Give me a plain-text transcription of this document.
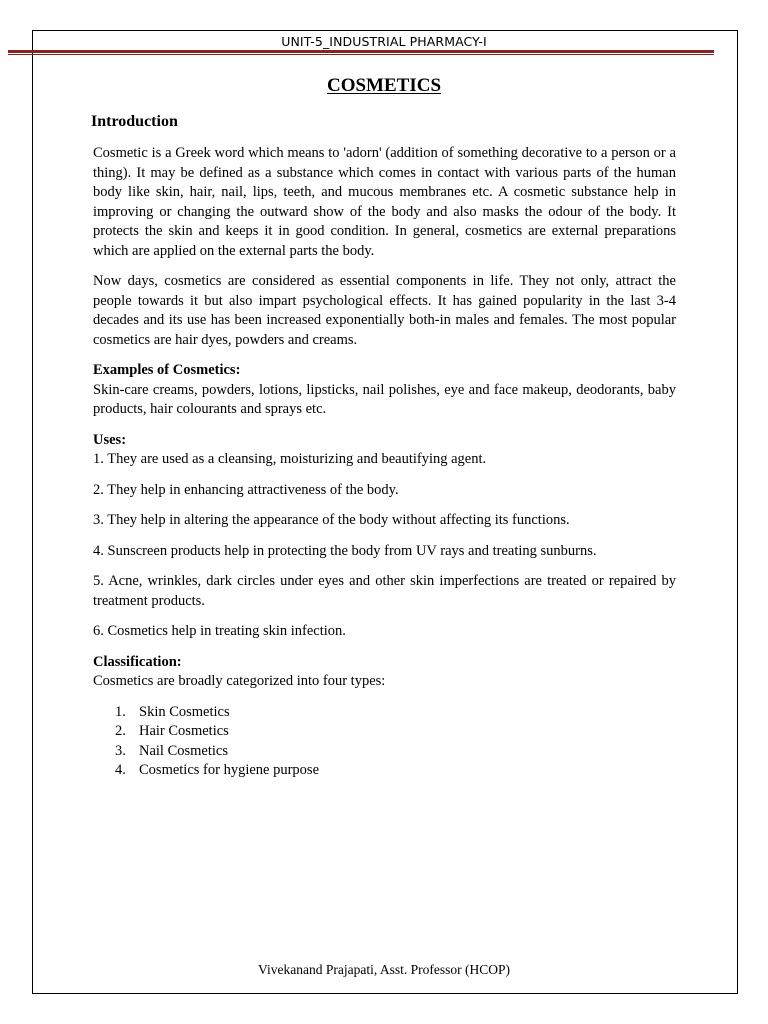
UNIT-5_INDUSTRIAL PHARMACY-I
COSMETICS
Introduction

Cosmetic is a Greek word which means to 'adorn' (addition of something decorative to a person or a thing). It may be defined as a substance which comes in contact with various parts of the human body like skin, hair, nail, lips, teeth, and mucous membranes etc. A cosmetic substance help in improving or changing the outward show of the body and also masks the odour of the body. It protects the skin and keeps it in good condition. In general, cosmetics are external preparations which are applied on the external parts the body.

Now days, cosmetics are considered as essential components in life. They not only, attract the people towards it but also impart psychological effects. It has gained popularity in the last 3-4 decades and its use has been increased exponentially both-in males and females. The most popular cosmetics are hair dyes, powders and creams.

Examples of Cosmetics:

Skin-care creams, powders, lotions, lipsticks, nail polishes, eye and face makeup, deodorants, baby products, hair colourants and sprays etc.

Uses:

1. They are used as a cleansing, moisturizing and beautifying agent.

2. They help in enhancing attractiveness of the body.

3. They help in altering the appearance of the body without affecting its functions.

4. Sunscreen products help in protecting the body from UV rays and treating sunburns.

5. Acne, wrinkles, dark circles under eyes and other skin imperfections are treated or repaired by treatment products.

6. Cosmetics help in treating skin infection.

Classification:

Cosmetics are broadly categorized into four types:

1. Skin Cosmetics
2. Hair Cosmetics
3. Nail Cosmetics
4. Cosmetics for hygiene purpose
Vivekanand Prajapati, Asst. Professor (HCOP)
